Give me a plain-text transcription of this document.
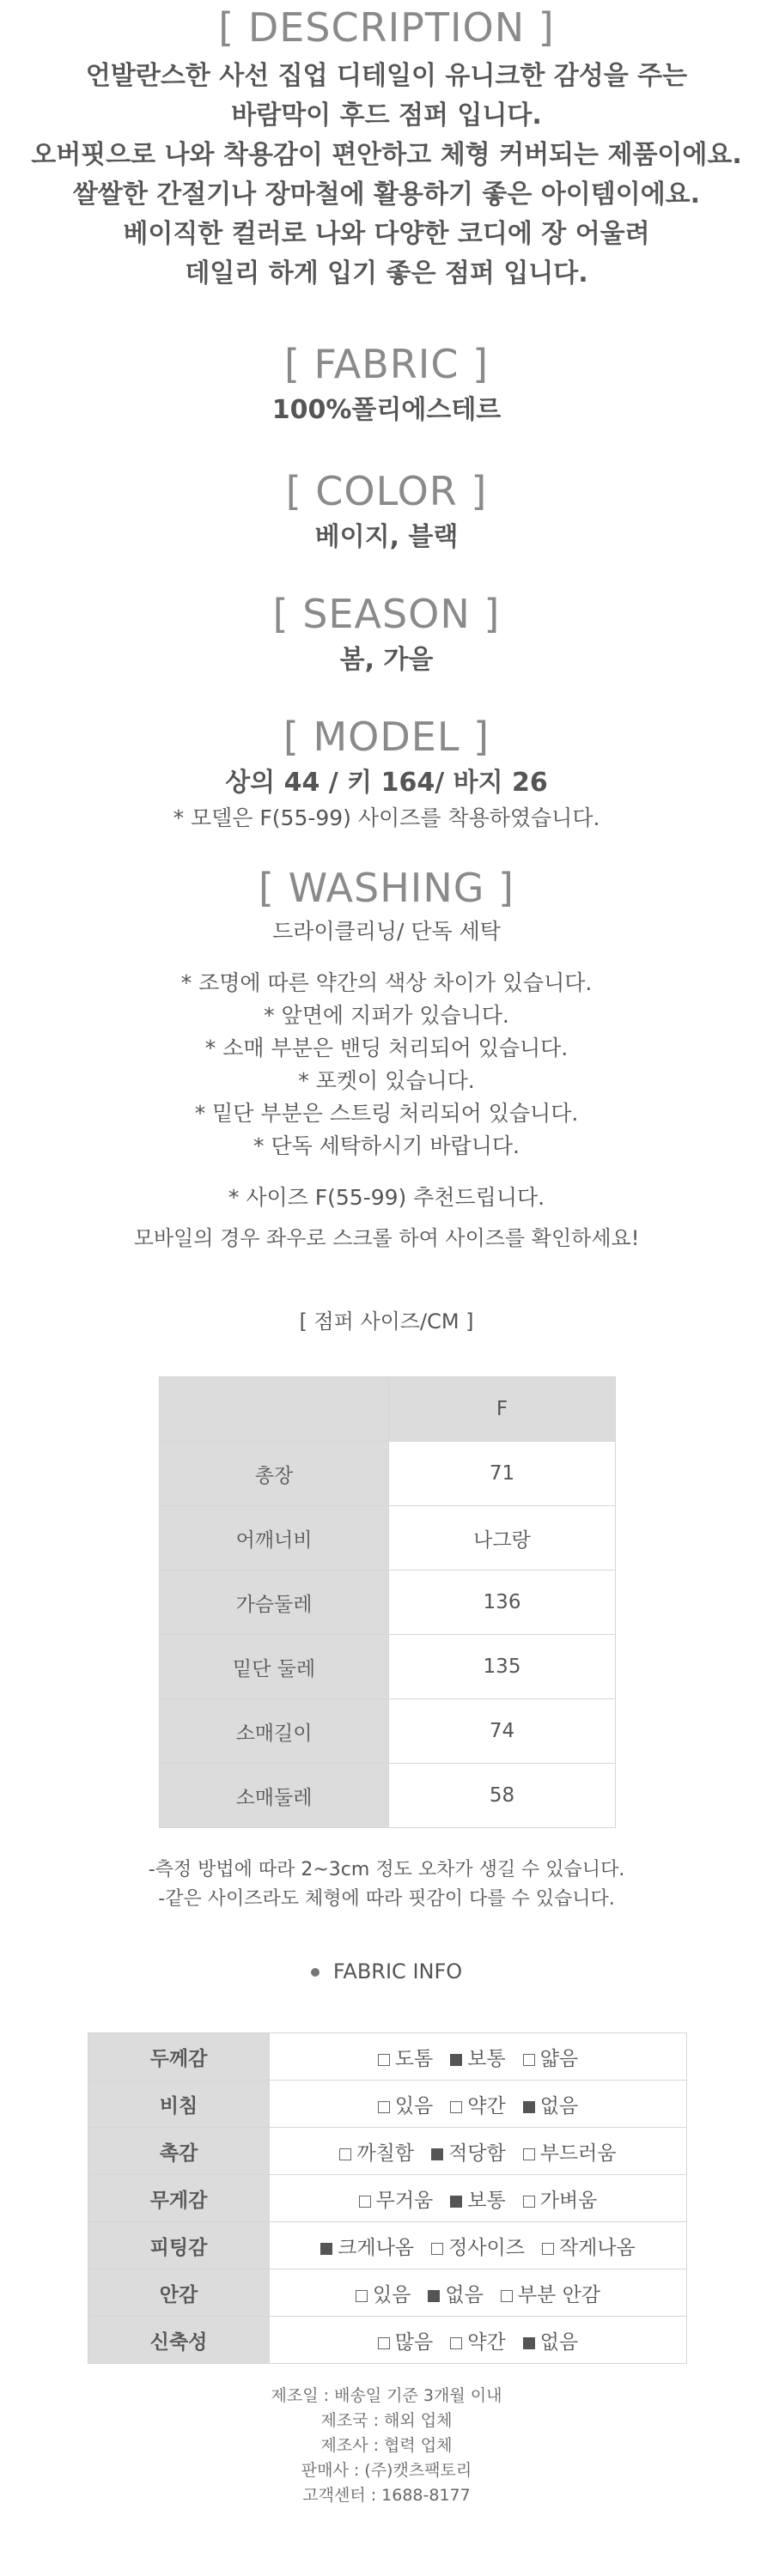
[ DESCRIPTION ]

언발란스한 사선 집업 디테일이 유니크한 감성을 주는

바람막이 후드 점퍼 입니다.

오버핏으로 나와 착용감이 편안하고 체형 커버되는 제품이에요.

쌀쌀한 간절기나 장마철에 활용하기 좋은 아이템이에요.

베이직한 컬러로 나와 다양한 코디에 장 어울려

데일리 하게 입기 좋은 점퍼 입니다.

[ FABRIC ]

100%폴리에스테르

[ COLOR ]

베이지, 블랙

[ SEASON ]

봄, 가을

[ MODEL ]

상의 44 / 키 164/ 바지 26

* 모델은 F(55-99) 사이즈를 착용하였습니다.

[ WASHING ]

드라이클리닝/ 단독 세탁

* 조명에 따른 약간의 색상 차이가 있습니다.

* 앞면에 지퍼가 있습니다.

* 소매 부분은 밴딩 처리되어 있습니다.

* 포켓이 있습니다.

* 밑단 부분은 스트링 처리되어 있습니다.

* 단독 세탁하시기 바랍니다.

* 사이즈 F(55-99) 추천드립니다.

모바일의 경우 좌우로 스크롤 하여 사이즈를 확인하세요!

[ 점퍼 사이즈/CM ]

	F
총장	71
어깨너비	나그랑
가슴둘레	136
밑단 둘레	135
소매길이	74
소매둘레	58

-측정 방법에 따라 2~3cm 정도 오차가 생길 수 있습니다.

-같은 사이즈라도 체형에 따라 핏감이 다를 수 있습니다.

FABRIC INFO

두께감	도톰 보통 얇음
비침	있음 약간 없음
촉감	까칠함 적당함 부드러움
무게감	무거움 보통 가벼움
피팅감	크게나옴 정사이즈 작게나옴
안감	있음 없음 부분 안감
신축성	많음 약간 없음

제조일 : 배송일 기준 3개월 이내

제조국 : 해외 업체

제조사 : 협력 업체

판매사 : (주)캣츠팩토리

고객센터 : 1688-8177
